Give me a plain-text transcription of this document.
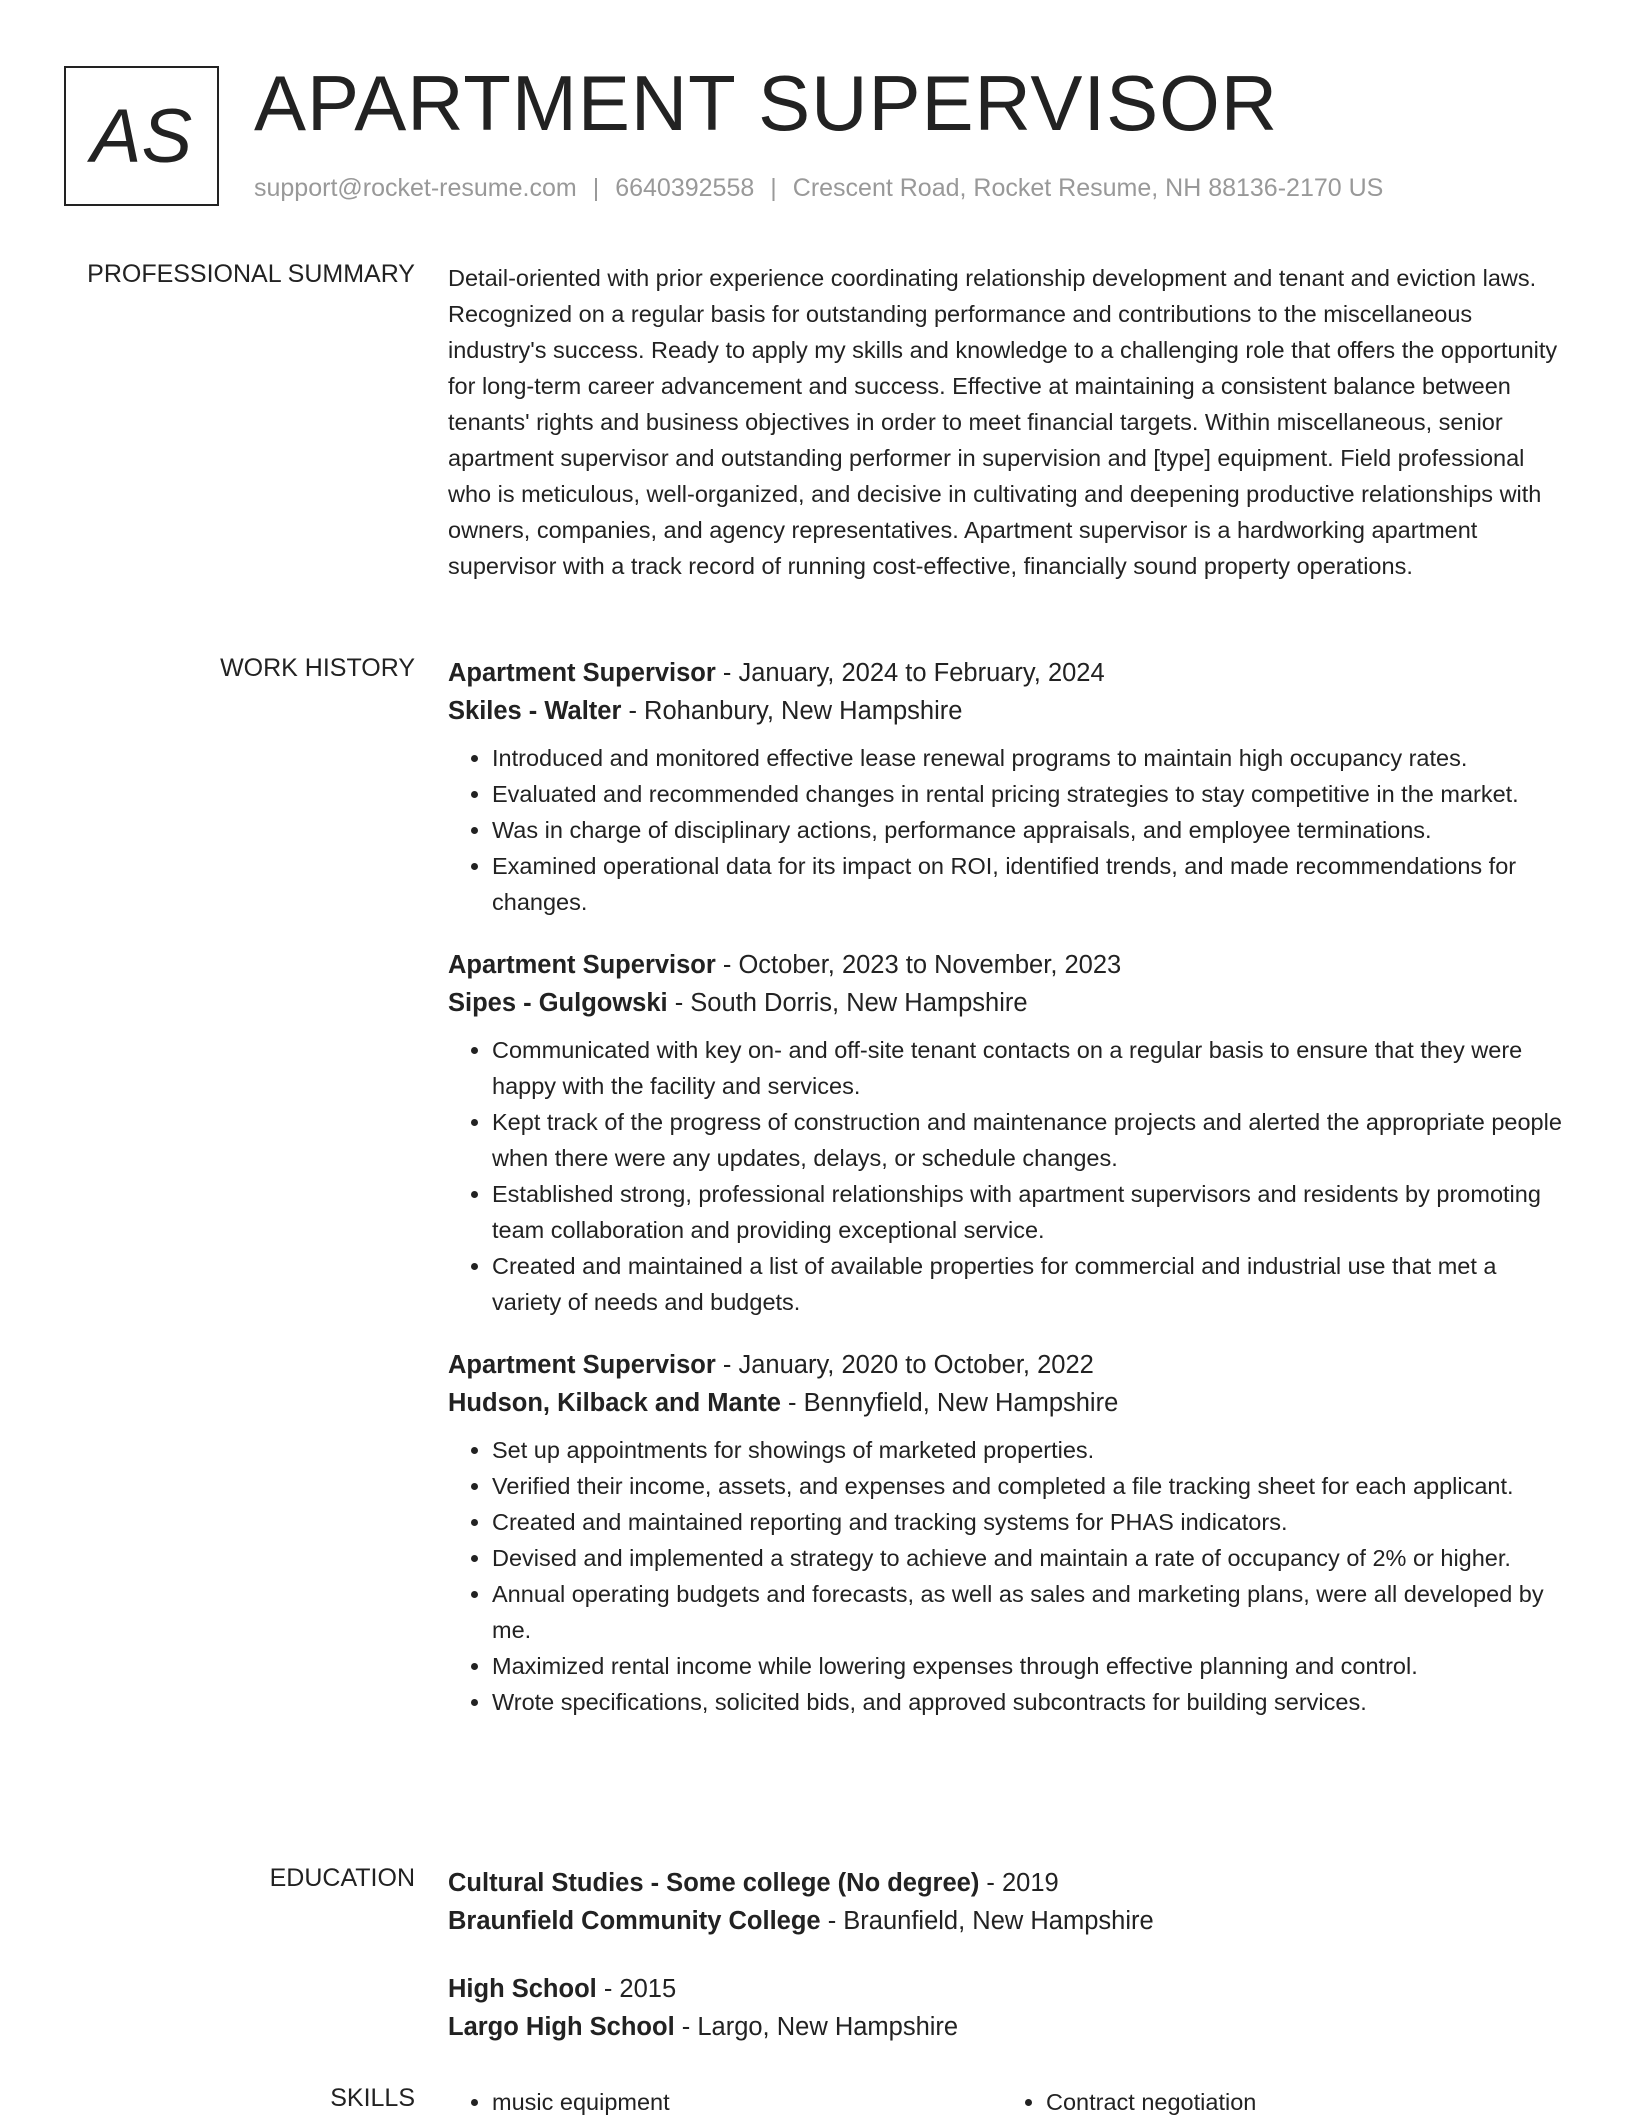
AS APARTMENT SUPERVISOR
support@rocket-resume.com | 6640392558 | Crescent Road, Rocket Resume, NH 88136-2170 US
PROFESSIONAL SUMMARY Detail-oriented with prior experience coordinating relationship development and tenant and eviction laws. Recognized on a regular basis for outstanding performance and contributions to the miscellaneous industry's success. Ready to apply my skills and knowledge to a challenging role that offers the opportunity for long-term career advancement and success. Effective at maintaining a consistent balance between tenants' rights and business objectives in order to meet financial targets. Within miscellaneous, senior apartment supervisor and outstanding performer in supervision and [type] equipment. Field professional who is meticulous, well-organized, and decisive in cultivating and deepening productive relationships with owners, companies, and agency representatives. Apartment supervisor is a hardworking apartment supervisor with a track record of running cost-effective, financially sound property operations.

WORK HISTORY Apartment Supervisor - January, 2024 to February, 2024
Skiles - Walter - Rohanbury, New Hampshire
• Introduced and monitored effective lease renewal programs to maintain high occupancy rates.
• Evaluated and recommended changes in rental pricing strategies to stay competitive in the market.
• Was in charge of disciplinary actions, performance appraisals, and employee terminations.
• Examined operational data for its impact on ROI, identified trends, and made recommendations for changes.
Apartment Supervisor - October, 2023 to November, 2023
Sipes - Gulgowski - South Dorris, New Hampshire
• Communicated with key on- and off-site tenant contacts on a regular basis to ensure that they were happy with the facility and services.
• Kept track of the progress of construction and maintenance projects and alerted the appropriate people when there were any updates, delays, or schedule changes.
• Established strong, professional relationships with apartment supervisors and residents by promoting team collaboration and providing exceptional service.
• Created and maintained a list of available properties for commercial and industrial use that met a variety of needs and budgets.
Apartment Supervisor - January, 2020 to October, 2022
Hudson, Kilback and Mante - Bennyfield, New Hampshire
• Set up appointments for showings of marketed properties.
• Verified their income, assets, and expenses and completed a file tracking sheet for each applicant.
• Created and maintained reporting and tracking systems for PHAS indicators.
• Devised and implemented a strategy to achieve and maintain a rate of occupancy of 2% or higher.
• Annual operating budgets and forecasts, as well as sales and marketing plans, were all developed by me.
• Maximized rental income while lowering expenses through effective planning and control.
• Wrote specifications, solicited bids, and approved subcontracts for building services.
EDUCATION Cultural Studies - Some college (No degree) - 2019
Braunfield Community College - Braunfield, New Hampshire
High School - 2015
Largo High School - Largo, New Hampshire
SKILLS	• music equipment	• Contract negotiation
